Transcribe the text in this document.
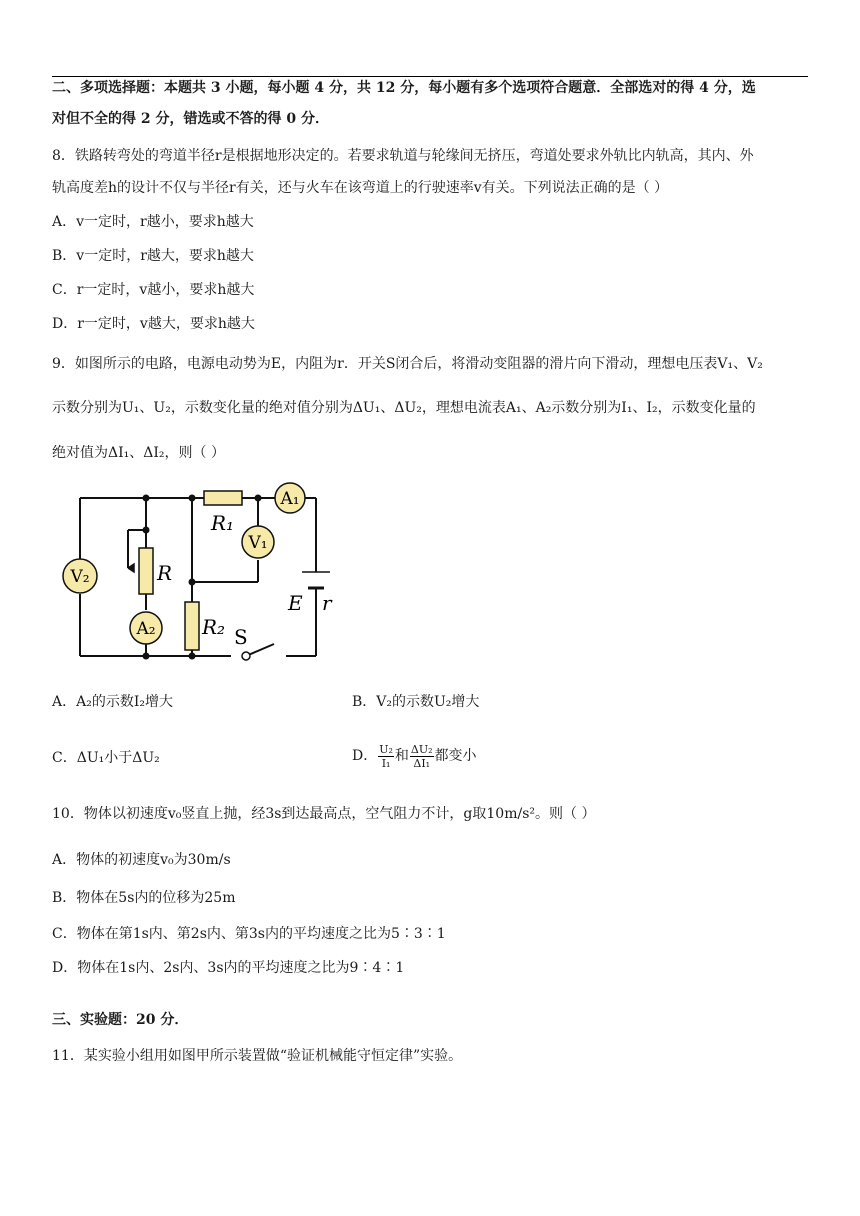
二、多项选择题：本题共 3 小题，每小题 4 分，共 12 分，每小题有多个选项符合题意．全部选对的得 4 分，选
对但不全的得 2 分，错选或不答的得 0 分．
8．铁路转弯处的弯道半径r是根据地形决定的。若要求轨道与轮缘间无挤压，弯道处要求外轨比内轨高，其内、外
轨高度差h的设计不仅与半径r有关，还与火车在该弯道上的行驶速率v有关。下列说法正确的是（ ）
A．v一定时，r越小，要求h越大
B．v一定时，r越大，要求h越大
C．r一定时，v越小，要求h越大
D．r一定时，v越大，要求h越大
9．如图所示的电路，电源电动势为E，内阻为r．开关S闭合后，将滑动变阻器的滑片向下滑动，理想电压表V₁、V₂
示数分别为U₁、U₂，示数变化量的绝对值分别为ΔU₁、ΔU₂，理想电流表A₁、A₂示数分别为I₁、I₂，示数变化量的
绝对值为ΔI₁、ΔI₂，则（ ）
A₁
V₁
V₂
A₂
R₁
R
R₂ S
E r
A．A₂的示数I₂增大	B．V₂的示数U₂增大
C．ΔU₁小于ΔU₂	D． $\frac{\text{U₂}}{\text{I₁}}$ 和 $\frac{\text{ΔU₂}}{\text{ΔI₁}}$ 都变小
10．物体以初速度v₀竖直上抛，经3s到达最高点，空气阻力不计，g取10m/s²。则（ ）
A．物体的初速度v₀为30m/s
B．物体在5s内的位移为25m
C．物体在第1s内、第2s内、第3s内的平均速度之比为5∶3∶1
D．物体在1s内、2s内、3s内的平均速度之比为9∶4∶1
三、实验题：20 分．
11．某实验小组用如图甲所示装置做“验证机械能守恒定律”实验。
